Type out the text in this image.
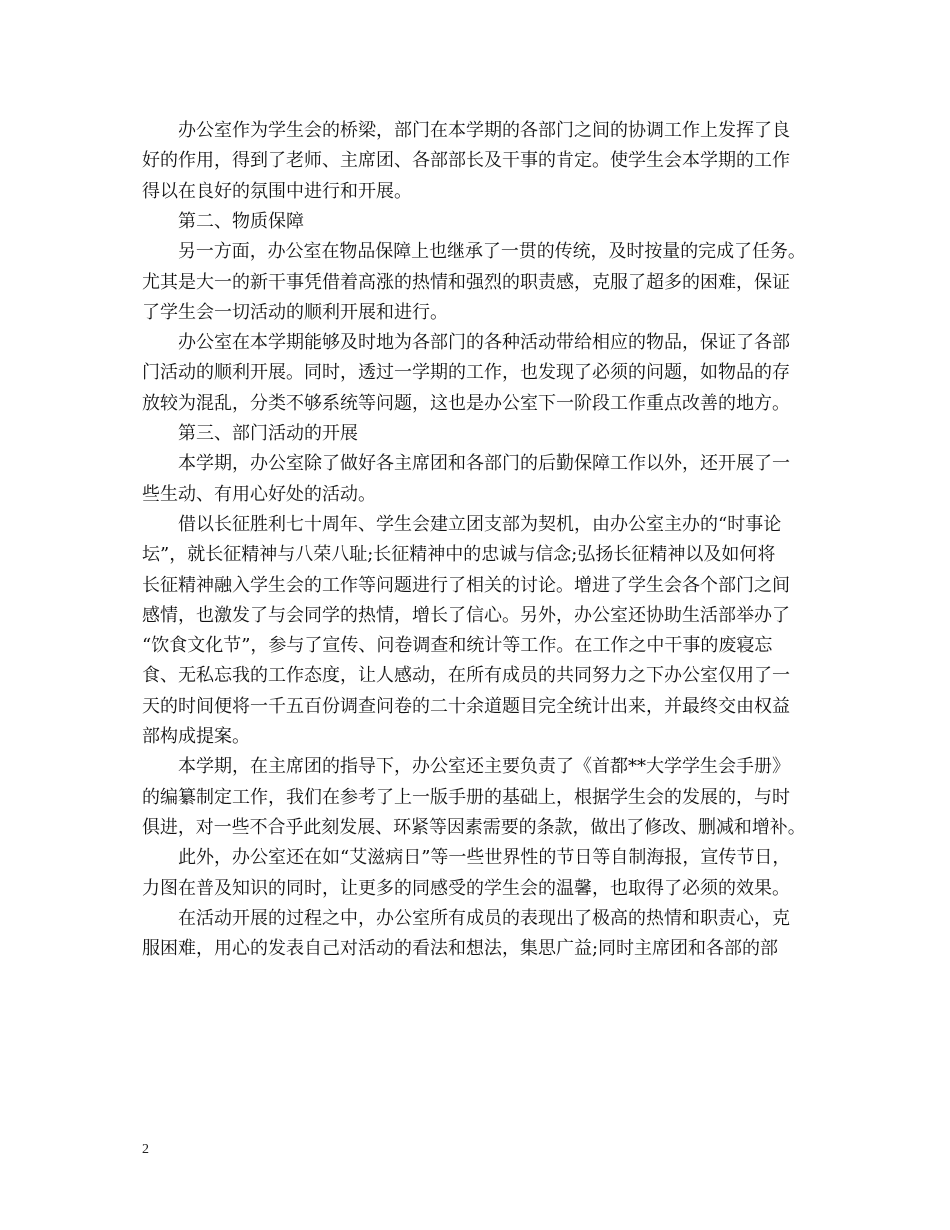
办公室作为学生会的桥梁，部门在本学期的各部门之间的协调工作上发挥了良
好的作用，得到了老师、主席团、各部部长及干事的肯定。使学生会本学期的工作
得以在良好的氛围中进行和开展。
第二、物质保障
另一方面，办公室在物品保障上也继承了一贯的传统，及时按量的完成了任务。
尤其是大一的新干事凭借着高涨的热情和强烈的职责感，克服了超多的困难，保证
了学生会一切活动的顺利开展和进行。
办公室在本学期能够及时地为各部门的各种活动带给相应的物品，保证了各部
门活动的顺利开展。同时，透过一学期的工作，也发现了必须的问题，如物品的存
放较为混乱，分类不够系统等问题，这也是办公室下一阶段工作重点改善的地方。
第三、部门活动的开展
本学期，办公室除了做好各主席团和各部门的后勤保障工作以外，还开展了一
些生动、有用心好处的活动。
借以长征胜利七十周年、学生会建立团支部为契机，由办公室主办的“时事论
坛”，就长征精神与八荣八耻;长征精神中的忠诚与信念;弘扬长征精神以及如何将
长征精神融入学生会的工作等问题进行了相关的讨论。增进了学生会各个部门之间
感情，也激发了与会同学的热情，增长了信心。另外，办公室还协助生活部举办了
“饮食文化节”，参与了宣传、问卷调查和统计等工作。在工作之中干事的废寝忘
食、无私忘我的工作态度，让人感动，在所有成员的共同努力之下办公室仅用了一
天的时间便将一千五百份调查问卷的二十余道题目完全统计出来，并最终交由权益
部构成提案。
本学期，在主席团的指导下，办公室还主要负责了《首都**大学学生会手册》
的编纂制定工作，我们在参考了上一版手册的基础上，根据学生会的发展的，与时
俱进，对一些不合乎此刻发展、环紧等因素需要的条款，做出了修改、删减和增补。
此外，办公室还在如“艾滋病日”等一些世界性的节日等自制海报，宣传节日，
力图在普及知识的同时，让更多的同感受的学生会的温馨，也取得了必须的效果。
在活动开展的过程之中，办公室所有成员的表现出了极高的热情和职责心，克
服困难，用心的发表自己对活动的看法和想法，集思广益;同时主席团和各部的部
2
